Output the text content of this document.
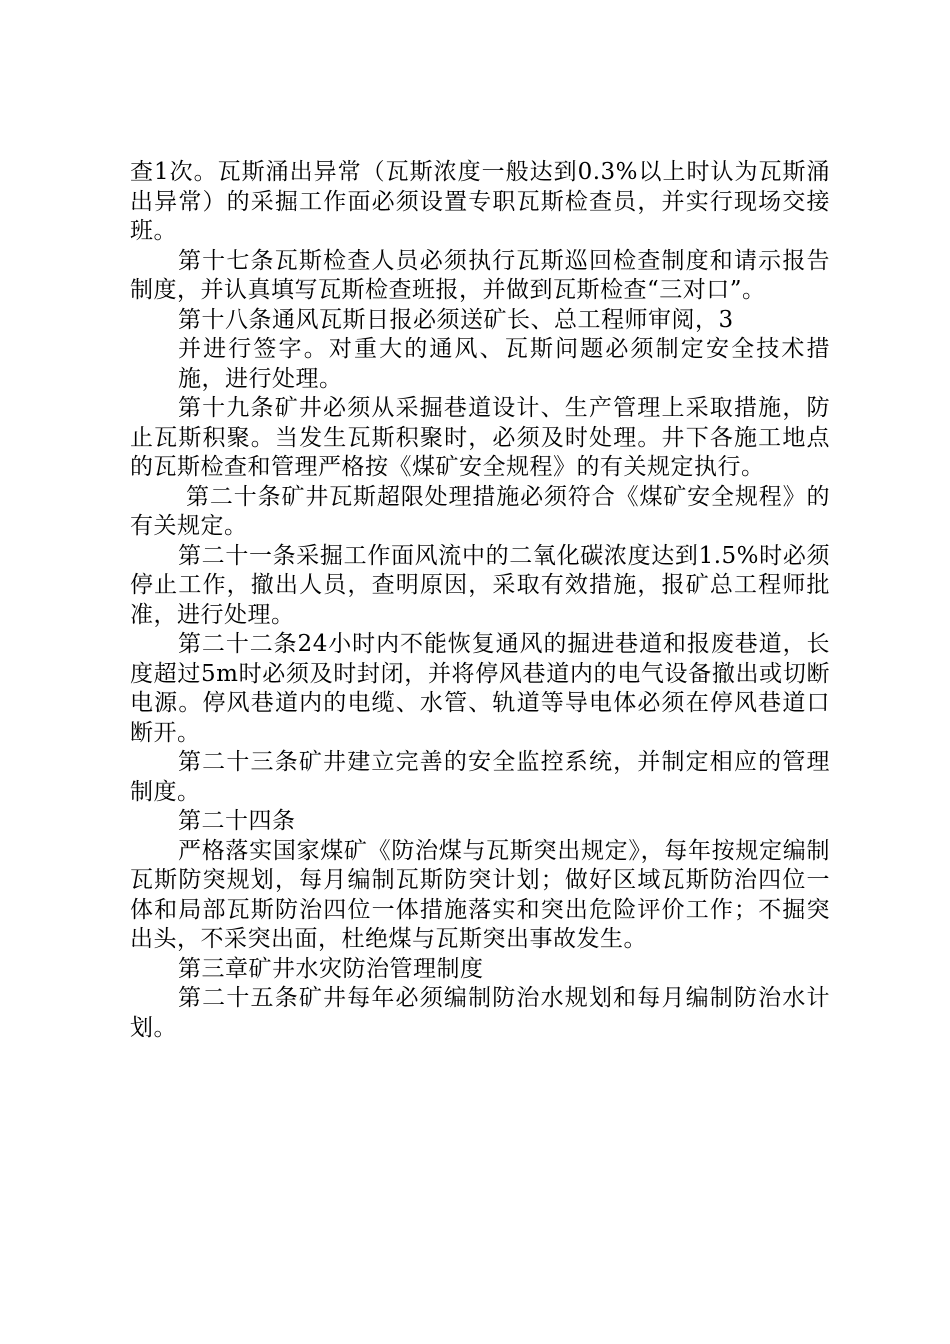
查1次。瓦斯涌出异常（瓦斯浓度一般达到0.3%以上时认为瓦斯涌出异常）的采掘工作面必须设置专职瓦斯检查员，并实行现场交接班。

第十七条瓦斯检查人员必须执行瓦斯巡回检查制度和请示报告制度，并认真填写瓦斯检查班报，并做到瓦斯检查“三对口”。

第十八条通风瓦斯日报必须送矿长、总工程师审阅，3

并进行签字。对重大的通风、瓦斯问题必须制定安全技术措施，进行处理。

第十九条矿井必须从采掘巷道设计、生产管理上采取措施，防止瓦斯积聚。当发生瓦斯积聚时，必须及时处理。井下各施工地点的瓦斯检查和管理严格按《煤矿安全规程》的有关规定执行。

第二十条矿井瓦斯超限处理措施必须符合《煤矿安全规程》的有关规定。

第二十一条采掘工作面风流中的二氧化碳浓度达到1.5%时必须停止工作，撤出人员，查明原因，采取有效措施，报矿总工程师批准，进行处理。

第二十二条24小时内不能恢复通风的掘进巷道和报废巷道，长度超过5m时必须及时封闭，并将停风巷道内的电气设备撤出或切断电源。停风巷道内的电缆、水管、轨道等导电体必须在停风巷道口断开。

第二十三条矿井建立完善的安全监控系统，并制定相应的管理制度。

第二十四条

严格落实国家煤矿《防治煤与瓦斯突出规定》，每年按规定编制瓦斯防突规划，每月编制瓦斯防突计划；做好区域瓦斯防治四位一体和局部瓦斯防治四位一体措施落实和突出危险评价工作；不掘突出头，不采突出面，杜绝煤与瓦斯突出事故发生。

第三章矿井水灾防治管理制度

第二十五条矿井每年必须编制防治水规划和每月编制防治水计划。
